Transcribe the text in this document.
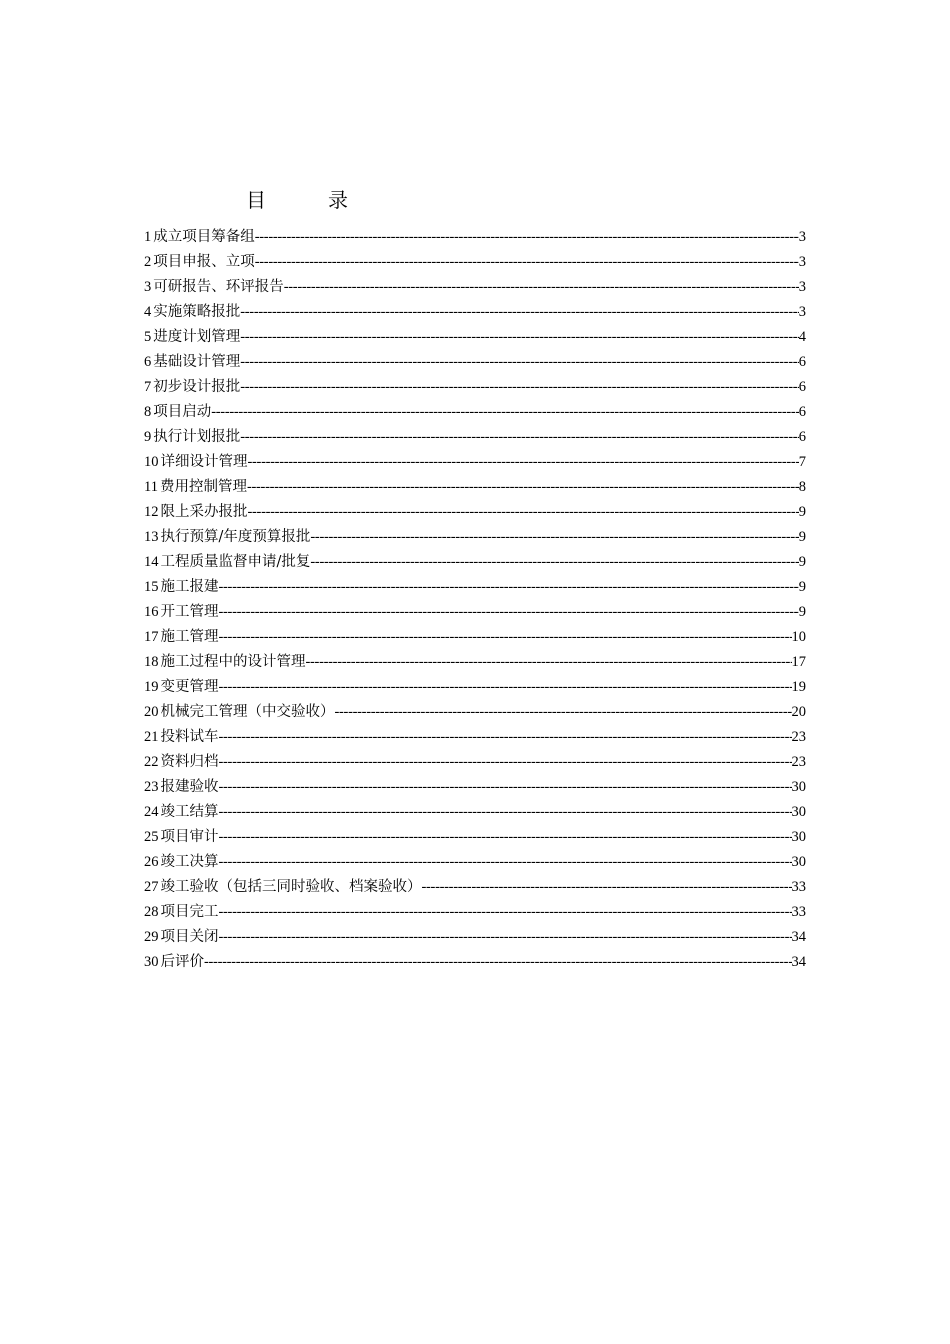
目	录
1 成立项目筹备组 -----	3
2 项目申报、立项 -----	3
3 可研报告、环评报告 -----	3
4 实施策略报批 -----	3
5 进度计划管理 -----	4
6 基础设计管理 -----	6
7 初步设计报批 -----	6
8 项目启动 -----	6
9 执行计划报批 -----	6
10 详细设计管理 -----	7
11 费用控制管理 -----	8
12 限上采办报批 -----	9
13 执行预算/年度预算报批 -----	9
14 工程质量监督申请/批复 -----	9
15 施工报建 -----	9
16 开工管理 -----	9
17 施工管理 -----	10
18 施工过程中的设计管理 -----	17
19 变更管理 -----	19
20 机械完工管理（中交验收） -----	20
21 投料试车 -----	23
22 资料归档 -----	23
23 报建验收 -----	30
24 竣工结算 -----	30
25 项目审计 -----	30
26 竣工决算 -----	30
27 竣工验收（包括三同时验收、档案验收） -----	33
28 项目完工 -----	33
29 项目关闭 -----	34
30 后评价 -----	34
